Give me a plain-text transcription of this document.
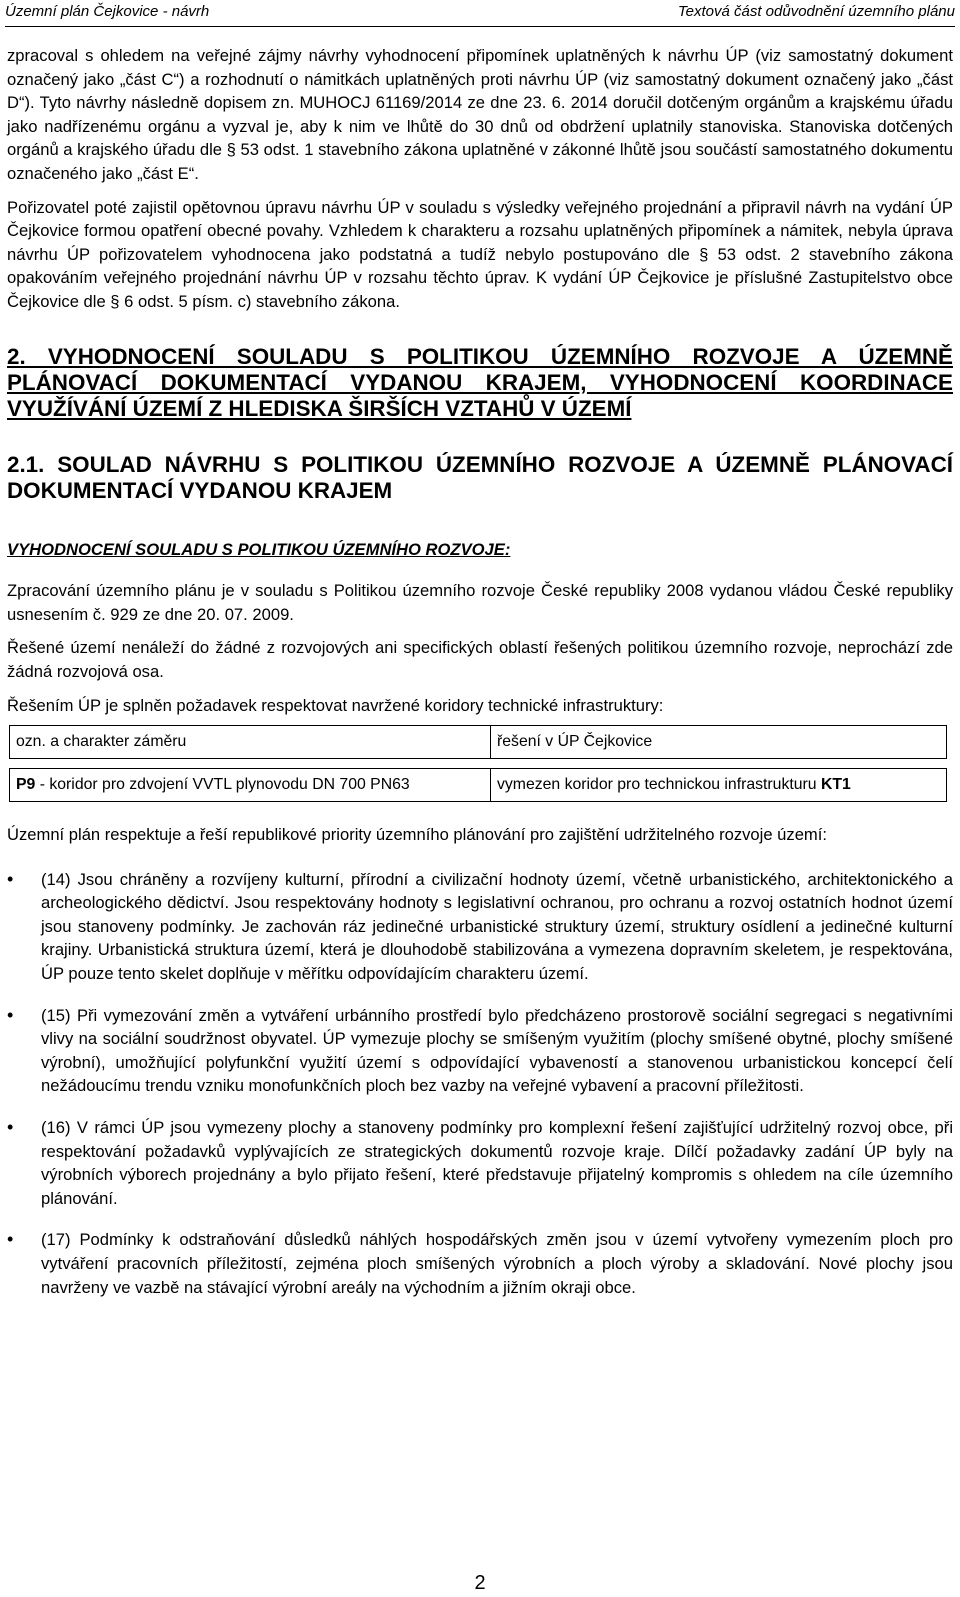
Územní plán Čejkovice - návrh	Textová část odůvodnění územního plánu

zpracoval s ohledem na veřejné zájmy návrhy vyhodnocení připomínek uplatněných k návrhu ÚP (viz samostatný dokument označený jako „část C“) a rozhodnutí o námitkách uplatněných proti návrhu ÚP (viz samostatný dokument označený jako „část D“). Tyto návrhy následně dopisem zn. MUHOCJ 61169/2014 ze dne 23. 6. 2014 doručil dotčeným orgánům a krajskému úřadu jako nadřízenému orgánu a vyzval je, aby k nim ve lhůtě do 30 dnů od obdržení uplatnily stanoviska. Stanoviska dotčených orgánů a krajského úřadu dle § 53 odst. 1 stavebního zákona uplatněné v zákonné lhůtě jsou součástí samostatného dokumentu označeného jako „část E“.

Pořizovatel poté zajistil opětovnou úpravu návrhu ÚP v souladu s výsledky veřejného projednání a připravil návrh na vydání ÚP Čejkovice formou opatření obecné povahy. Vzhledem k charakteru a rozsahu uplatněných připomínek a námitek, nebyla úprava návrhu ÚP pořizovatelem vyhodnocena jako podstatná a tudíž nebylo postupováno dle § 53 odst. 2 stavebního zákona opakováním veřejného projednání návrhu ÚP v rozsahu těchto úprav. K vydání ÚP Čejkovice je příslušné Zastupitelstvo obce Čejkovice dle § 6 odst. 5 písm. c) stavebního zákona.

2. VYHODNOCENÍ SOULADU S POLITIKOU ÚZEMNÍHO ROZVOJE A ÚZEMNĚ PLÁNOVACÍ DOKUMENTACÍ VYDANOU KRAJEM, VYHODNOCENÍ KOORDINACE VYUŽÍVÁNÍ ÚZEMÍ Z HLEDISKA ŠIRŠÍCH VZTAHŮ V ÚZEMÍ
2.1. SOULAD NÁVRHU S POLITIKOU ÚZEMNÍHO ROZVOJE A ÚZEMNĚ PLÁNOVACÍ DOKUMENTACÍ VYDANOU KRAJEM
VYHODNOCENÍ SOULADU S POLITIKOU ÚZEMNÍHO ROZVOJE:

Zpracování územního plánu je v souladu s Politikou územního rozvoje České republiky 2008 vydanou vládou České republiky usnesením č. 929 ze dne 20. 07. 2009.

Řešené území nenáleží do žádné z rozvojových ani specifických oblastí řešených politikou územního rozvoje, neprochází zde žádná rozvojová osa.

Řešením ÚP je splněn požadavek respektovat navržené koridory technické infrastruktury:

ozn. a charakter záměru	řešení v ÚP Čejkovice

P9 - koridor pro zdvojení VVTL plynovodu DN 700 PN63	vymezen koridor pro technickou infrastrukturu KT1

Územní plán respektuje a řeší republikové priority územního plánování pro zajištění udržitelného rozvoje území:

• (14) Jsou chráněny a rozvíjeny kulturní, přírodní a civilizační hodnoty území, včetně urbanistického, architektonického a archeologického dědictví. Jsou respektovány hodnoty s legislativní ochranou, pro ochranu a rozvoj ostatních hodnot území jsou stanoveny podmínky. Je zachován ráz jedinečné urbanistické struktury území, struktury osídlení a jedinečné kulturní krajiny. Urbanistická struktura území, která je dlouhodobě stabilizována a vymezena dopravním skeletem, je respektována, ÚP pouze tento skelet doplňuje v měřítku odpovídajícím charakteru území.
• (15) Při vymezování změn a vytváření urbánního prostředí bylo předcházeno prostorově sociální segregaci s negativními vlivy na sociální soudržnost obyvatel. ÚP vymezuje plochy se smíšeným využitím (plochy smíšené obytné, plochy smíšené výrobní), umožňující polyfunkční využití území s odpovídající vybaveností a stanovenou urbanistickou koncepcí čelí nežádoucímu trendu vzniku monofunkčních ploch bez vazby na veřejné vybavení a pracovní příležitosti.
• (16) V rámci ÚP jsou vymezeny plochy a stanoveny podmínky pro komplexní řešení zajišťující udržitelný rozvoj obce, při respektování požadavků vyplývajících ze strategických dokumentů rozvoje kraje. Dílčí požadavky zadání ÚP byly na výrobních výborech projednány a bylo přijato řešení, které představuje přijatelný kompromis s ohledem na cíle územního plánování.
• (17) Podmínky k odstraňování důsledků náhlých hospodářských změn jsou v území vytvořeny vymezením ploch pro vytváření pracovních příležitostí, zejména ploch smíšených výrobních a ploch výroby a skladování. Nové plochy jsou navrženy ve vazbě na stávající výrobní areály na východním a jižním okraji obce.
2
